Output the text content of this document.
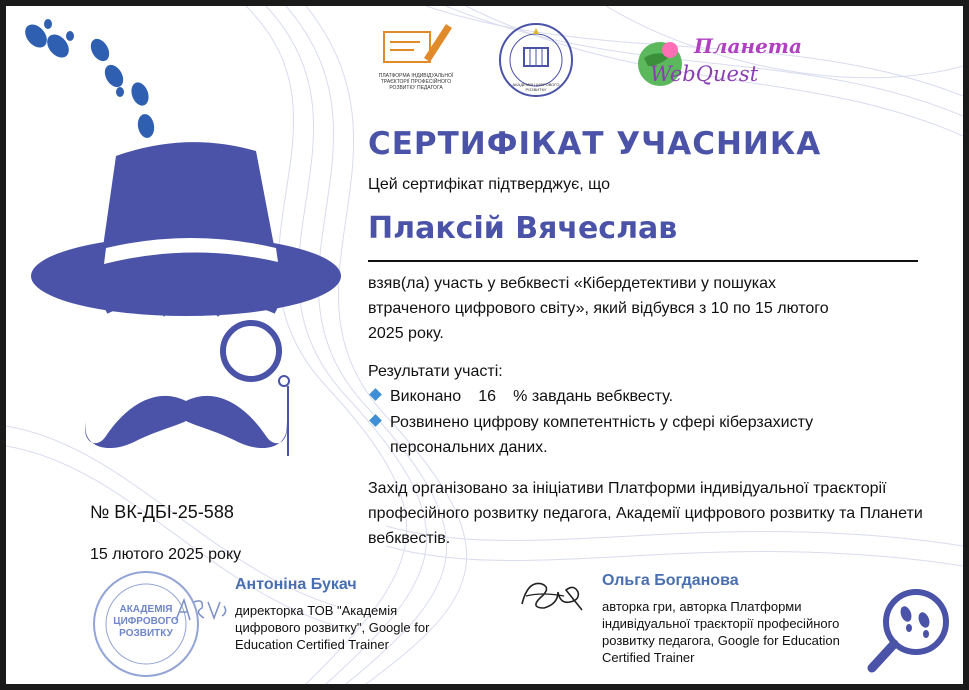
ПЛАТФОРМА ІНДИВІДУАЛЬНОЇ ТРАЄКТОРІЇ ПРОФЕСІЙНОГО РОЗВИТКУ ПЕДАГОГА
АКАДЕМІЯ ЦИФРОВОГО РОЗВИТКУ
Планета
WebQuest
СЕРТИФІКАТ УЧАСНИКА
Цей сертифікат підтверджує, що
Плаксій Вячеслав
взяв(ла) участь у вебквесті «Кібердетективи у пошуках втраченого цифрового світу», який відбувся з 10 по 15 лютого 2025 року.
Результати участі:
Виконано 16 % завдань вебквесту.
Розвинено цифрову компетентність у сфері кіберзахисту персональних даних.
Захід організовано за ініціативи Платформи індивідуальної траєкторії професійного розвитку педагога, Академії цифрового розвитку та Планети вебквестів.
№ ВК-ДБІ-25-588
15 лютого 2025 року
АКАДЕМІЯ
ЦИФРОВОГО
РОЗВИТКУ
Антоніна Букач
директорка ТОВ "Академія цифрового розвитку", Google for Education Certified Trainer
Ольга Богданова
авторка гри, авторка Платформи індивідуальної траєкторії професійного розвитку педагога, Google for Education Certified Trainer
